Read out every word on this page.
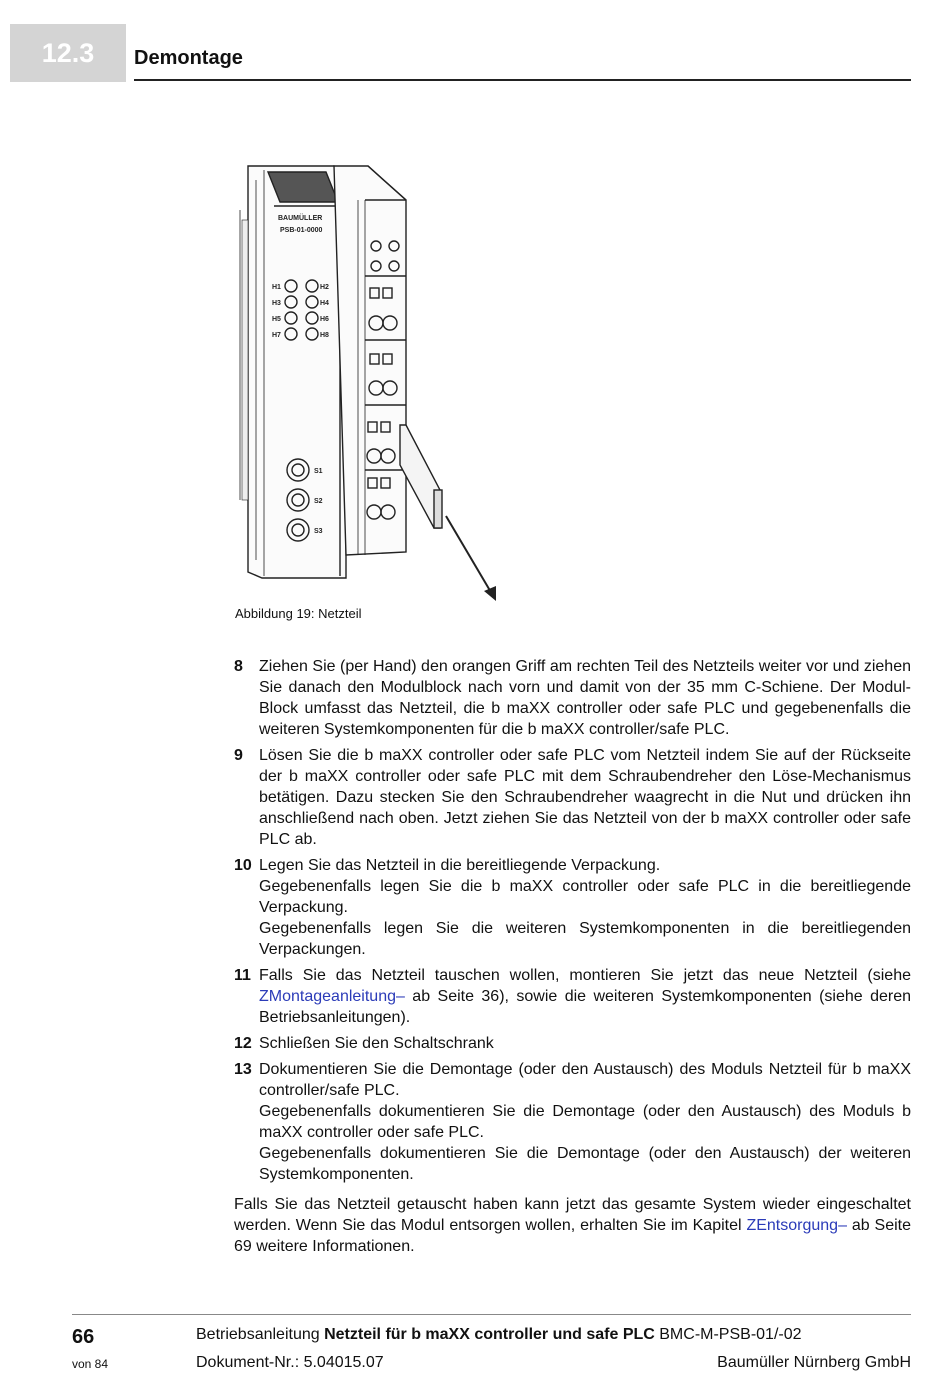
12.3	Demontage
BAUMÜLLER
PSB-01-0000
H1
H3
H5
H7
H2
H4
H6
H8
S1
S2
S3
Abbildung 19: Netzteil
8 Ziehen Sie (per Hand) den orangen Griff am rechten Teil des Netzteils weiter vor und ziehen Sie danach den Modulblock nach vorn und damit von der 35 mm C-Schiene. Der Modul-Block umfasst das Netzteil, die b maXX controller oder safe PLC und gegebenenfalls die weiteren Systemkomponenten für die b maXX controller/safe PLC.

9 Lösen Sie die b maXX controller oder safe PLC vom Netzteil indem Sie auf der Rückseite der b maXX controller oder safe PLC mit dem Schraubendreher den Löse-Mechanismus betätigen. Dazu stecken Sie den Schraubendreher waagrecht in die Nut und drücken ihn anschließend nach oben. Jetzt ziehen Sie das Netzteil von der b maXX controller oder safe PLC ab.

10 Legen Sie das Netzteil in die bereitliegende Verpackung.

Gegebenenfalls legen Sie die b maXX controller oder safe PLC in die bereitliegende Verpackung.

Gegebenenfalls legen Sie die weiteren Systemkomponenten in die bereitliegenden Verpackungen.

11 Falls Sie das Netzteil tauschen wollen, montieren Sie jetzt das neue Netzteil (siehe ZMontageanleitung– ab Seite 36), sowie die weiteren Systemkomponenten (siehe deren Betriebsanleitungen).

12 Schließen Sie den Schaltschrank

13 Dokumentieren Sie die Demontage (oder den Austausch) des Moduls Netzteil für b maXX controller/safe PLC.

Gegebenenfalls dokumentieren Sie die Demontage (oder den Austausch) des Moduls b maXX controller oder safe PLC.

Gegebenenfalls dokumentieren Sie die Demontage (oder den Austausch) der weiteren Systemkomponenten.

Falls Sie das Netzteil getauscht haben kann jetzt das gesamte System wieder eingeschaltet werden. Wenn Sie das Modul entsorgen wollen, erhalten Sie im Kapitel ZEntsorgung– ab Seite 69 weitere Informationen.

66
von 84
Betriebsanleitung Netzteil für b maXX controller und safe PLC BMC-M-PSB-01/-02
Dokument-Nr.: 5.04015.07	Baumüller Nürnberg GmbH
